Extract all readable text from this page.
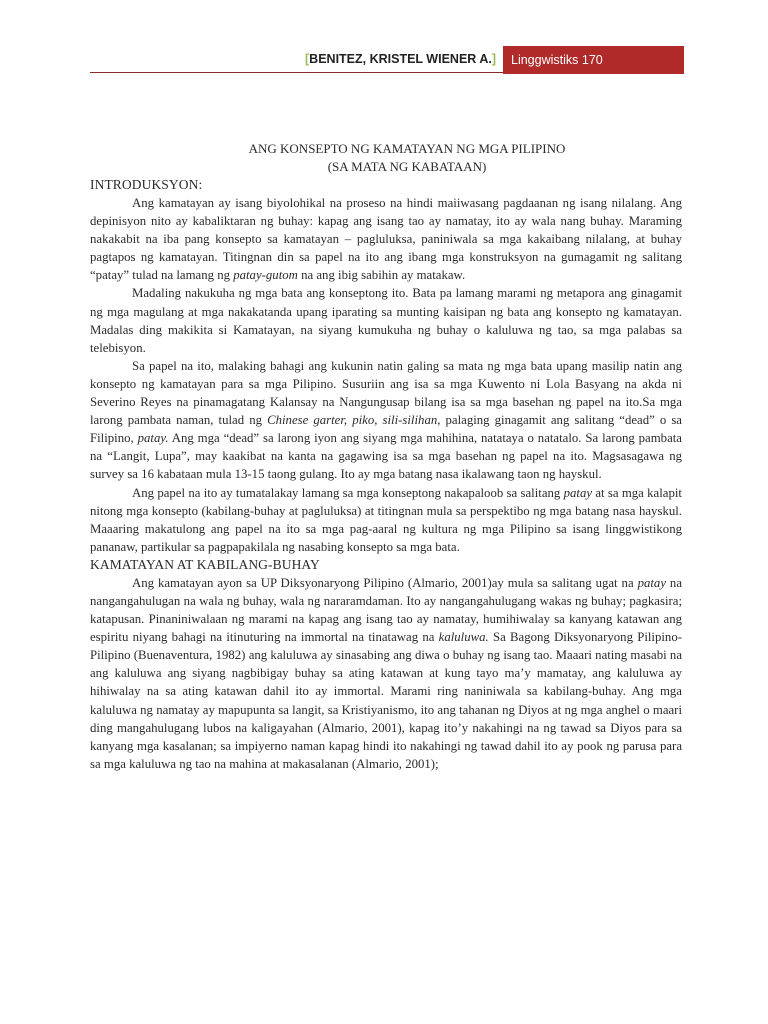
[ BENITEZ, KRISTEL WIENER A. ]	Linggwistiks 170

ANG KONSEPTO NG KAMATAYAN NG MGA PILIPINO

(SA MATA NG KABATAAN)

INTRODUKSYON:

Ang kamatayan ay isang biyolohikal na proseso na hindi maiiwasang pagdaanan ng isang nilalang. Ang depinisyon nito ay kabaliktaran ng buhay: kapag ang isang tao ay namatay, ito ay wala nang buhay. Maraming nakakabit na iba pang konsepto sa kamatayan – pagluluksa, paniniwala sa mga kakaibang nilalang, at buhay pagtapos ng kamatayan. Titingnan din sa papel na ito ang ibang mga konstruksyon na gumagamit ng salitang “patay” tulad na lamang ng patay-gutom na ang ibig sabihin ay matakaw.

Madaling nakukuha ng mga bata ang konseptong ito. Bata pa lamang marami ng metapora ang ginagamit ng mga magulang at mga nakakatanda upang iparating sa munting kaisipan ng bata ang konsepto ng kamatayan. Madalas ding makikita si Kamatayan, na siyang kumukuha ng buhay o kaluluwa ng tao, sa mga palabas sa telebisyon.

Sa papel na ito, malaking bahagi ang kukunin natin galing sa mata ng mga bata upang masilip natin ang konsepto ng kamatayan para sa mga Pilipino. Susuriin ang isa sa mga Kuwento ni Lola Basyang na akda ni Severino Reyes na pinamagatang Kalansay na Nangungusap bilang isa sa mga basehan ng papel na ito.Sa mga larong pambata naman, tulad ng Chinese garter, piko, sili-silihan, palaging ginagamit ang salitang “dead” o sa Filipino, patay. Ang mga “dead” sa larong iyon ang siyang mga mahihina, natataya o natatalo. Sa larong pambata na “Langit, Lupa”, may kaakibat na kanta na gagawing isa sa mga basehan ng papel na ito. Magsasagawa ng survey sa 16 kabataan mula 13-15 taong gulang. Ito ay mga batang nasa ikalawang taon ng hayskul.

Ang papel na ito ay tumatalakay lamang sa mga konseptong nakapaloob sa salitang patay at sa mga kalapit nitong mga konsepto (kabilang-buhay at pagluluksa) at titingnan mula sa perspektibo ng mga batang nasa hayskul. Maaaring makatulong ang papel na ito sa mga pag-aaral ng kultura ng mga Pilipino sa isang linggwistikong pananaw, partikular sa pagpapakilala ng nasabing konsepto sa mga bata.

KAMATAYAN AT KABILANG-BUHAY

Ang kamatayan ayon sa UP Diksyonaryong Pilipino (Almario, 2001)ay mula sa salitang ugat na patay na nangangahulugan na wala ng buhay, wala ng nararamdaman. Ito ay nangangahulugang wakas ng buhay; pagkasira; katapusan. Pinaniniwalaan ng marami na kapag ang isang tao ay namatay, humihiwalay sa kanyang katawan ang espiritu niyang bahagi na itinuturing na immortal na tinatawag na kaluluwa. Sa Bagong Diksyonaryong Pilipino-Pilipino (Buenaventura, 1982) ang kaluluwa ay sinasabing ang diwa o buhay ng isang tao. Maaari nating masabi na ang kaluluwa ang siyang nagbibigay buhay sa ating katawan at kung tayo ma’y mamatay, ang kaluluwa ay hihiwalay na sa ating katawan dahil ito ay immortal. Marami ring naniniwala sa kabilang-buhay. Ang mga kaluluwa ng namatay ay mapupunta sa langit, sa Kristiyanismo, ito ang tahanan ng Diyos at ng mga anghel o maari ding mangahulugang lubos na kaligayahan (Almario, 2001), kapag ito’y nakahingi na ng tawad sa Diyos para sa kanyang mga kasalanan; sa impiyerno naman kapag hindi ito nakahingi ng tawad dahil ito ay pook ng parusa para sa mga kaluluwa ng tao na mahina at makasalanan (Almario, 2001);
